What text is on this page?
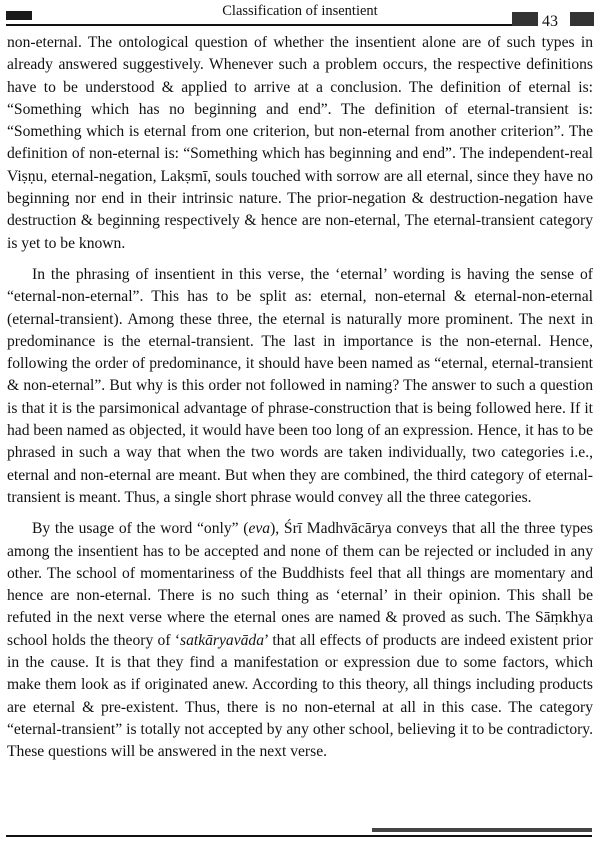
Classification of insentient
43

non-eternal. The ontological question of whether the insentient alone are of such types in already answered suggestively. Whenever such a problem occurs, the respective definitions have to be understood & applied to arrive at a conclusion. The definition of eternal is: “Something which has no beginning and end”. The definition of eternal-transient is: “Something which is eternal from one criterion, but non-eternal from another criterion”. The definition of non-eternal is: “Something which has beginning and end”. The independent-real Viṣṇu, eternal-negation, Lakṣmī, souls touched with sorrow are all eternal, since they have no beginning nor end in their intrinsic nature. The prior-negation & destruction-negation have destruction & beginning respectively & hence are non-eternal, The eternal-transient category is yet to be known.

In the phrasing of insentient in this verse, the ‘eternal’ wording is having the sense of “eternal-non-eternal”. This has to be split as: eternal, non-eternal & eternal-non-eternal (eternal-transient). Among these three, the eternal is naturally more prominent. The next in predominance is the eternal-transient. The last in importance is the non-eternal. Hence, following the order of predominance, it should have been named as “eternal, eternal-transient & non-eternal”. But why is this order not followed in naming? The answer to such a question is that it is the parsimonical advantage of phrase-construction that is being followed here. If it had been named as objected, it would have been too long of an expression. Hence, it has to be phrased in such a way that when the two words are taken individually, two categories i.e., eternal and non-eternal are meant. But when they are combined, the third category of eternal-transient is meant. Thus, a single short phrase would convey all the three categories.

By the usage of the word “only” (eva), Śrī Madhvācārya conveys that all the three types among the insentient has to be accepted and none of them can be rejected or included in any other. The school of momentariness of the Buddhists feel that all things are momentary and hence are non-eternal. There is no such thing as ‘eternal’ in their opinion. This shall be refuted in the next verse where the eternal ones are named & proved as such. The Sāṃkhya school holds the theory of ‘satkāryavāda’ that all effects of products are indeed existent prior in the cause. It is that they find a manifestation or expression due to some factors, which make them look as if originated anew. According to this theory, all things including products are eternal & pre-existent. Thus, there is no non-eternal at all in this case. The category “eternal-transient” is totally not accepted by any other school, believing it to be contradictory. These questions will be answered in the next verse.
